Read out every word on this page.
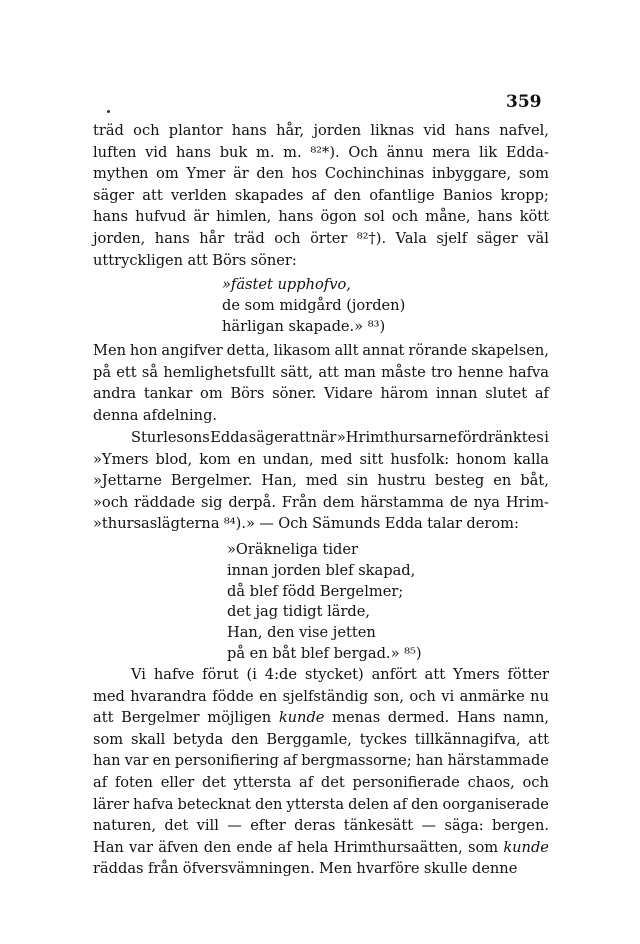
359
träd och plantor hans hår, jorden liknas vid hans nafvel,
luften vid hans buk m. m. ⁸²*). Och ännu mera lik Edda-
mythen om Ymer är den hos Cochinchinas inbyggare, som
säger att verlden skapades af den ofantlige Banios kropp;
hans hufvud är himlen, hans ögon sol och måne, hans kött
jorden, hans hår träd och örter ⁸²†). Vala sjelf säger väl
uttryckligen att Börs söner:
»fästet upphofvo,
de som midgård (jorden)
härligan skapade.» ⁸³)
Men hon angifver detta, likasom allt annat rörande skapelsen,
på ett så hemlighetsfullt sätt, att man måste tro henne hafva
andra tankar om Börs söner. Vidare härom innan slutet af
denna afdelning.
Sturlesons Edda säger att när »Hrimthursarne fördränktes i
»Ymers blod, kom en undan, med sitt husfolk: honom kalla
»Jettarne Bergelmer. Han, med sin hustru besteg en båt,
»och räddade sig derpå. Från dem härstamma de nya Hrim-
»thursaslägterna ⁸⁴).» — Och Sämunds Edda talar derom:
»Oräkneliga tider
innan jorden blef skapad,
då blef född Bergelmer;
det jag tidigt lärde,
Han, den vise jetten
på en båt blef bergad.» ⁸⁵)
Vi hafve förut (i 4:de stycket) anfört att Ymers fötter
med hvarandra födde en sjelfständig son, och vi anmärke nu
att Bergelmer möjligen kunde menas dermed. Hans namn,
som skall betyda den Berggamle, tyckes tillkännagifva, att
han var en personifiering af bergmassorne; han härstammade
af foten eller det yttersta af det personifierade chaos, och
lärer hafva betecknat den yttersta delen af den oorganiserade
naturen, det vill — efter deras tänkesätt — säga: bergen.
Han var äfven den ende af hela Hrimthursaätten, som kunde
räddas från öfversvämningen. Men hvarföre skulle denne
